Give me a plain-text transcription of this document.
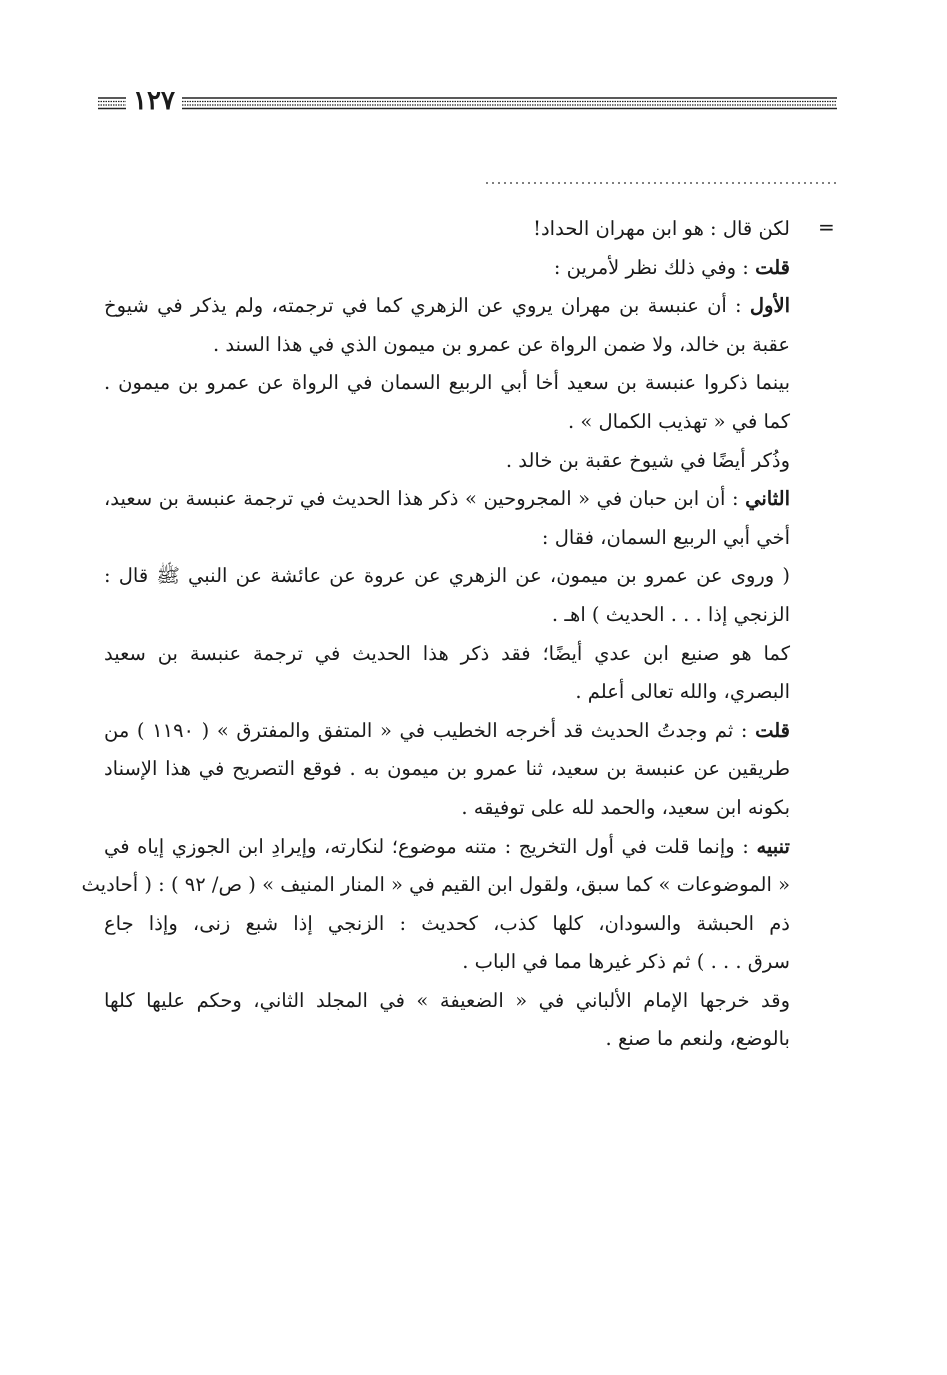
١٢٧
=
لكن قال : هو ابن مهران الحداد!
قلت : وفي ذلك نظر لأمرين :
الأول : أن عنبسة بن مهران يروي عن الزهري كما في ترجمته، ولم يذكر في شيوخ
عقبة بن خالد، ولا ضمن الرواة عن عمرو بن ميمون الذي في هذا السند .
بينما ذكروا عنبسة بن سعيد أخا أبي الربيع السمان في الرواة عن عمرو بن ميمون .
كما في « تهذيب الكمال » .
وذُكر أيضًا في شيوخ عقبة بن خالد .
الثاني : أن ابن حبان في « المجروحين » ذكر هذا الحديث في ترجمة عنبسة بن سعيد،
أخي أبي الربيع السمان، فقال :
( وروى عن عمرو بن ميمون، عن الزهري عن عروة عن عائشة عن النبي ﷺ قال :
الزنجي إذا . . . الحديث ) اهـ .
كما هو صنيع ابن عدي أيضًا؛ فقد ذكر هذا الحديث في ترجمة عنبسة بن سعيد
البصري، والله تعالى أعلم .
قلت : ثم وجدتُ الحديث قد أخرجه الخطيب في « المتفق والمفترق » ( ١١٩٠ ) من
طريقين عن عنبسة بن سعيد، ثنا عمرو بن ميمون به . فوقع التصريح في هذا الإسناد
بكونه ابن سعيد، والحمد لله على توفيقه .
تنبيه : وإنما قلت في أول التخريج : متنه موضوع؛ لنكارته، وإيرادِ ابن الجوزي إياه في
« الموضوعات » كما سبق، ولقول ابن القيم في « المنار المنيف » ( ص/ ٩٢ ) : ( أحاديث
ذم الحبشة والسودان، كلها كذب، كحديث : الزنجي إذا شبع زنى، وإذا جاع
سرق . . . ) ثم ذكر غيرها مما في الباب .
وقد خرجها الإمام الألباني في « الضعيفة » في المجلد الثاني، وحكم عليها كلها
بالوضع، ولنعم ما صنع .
